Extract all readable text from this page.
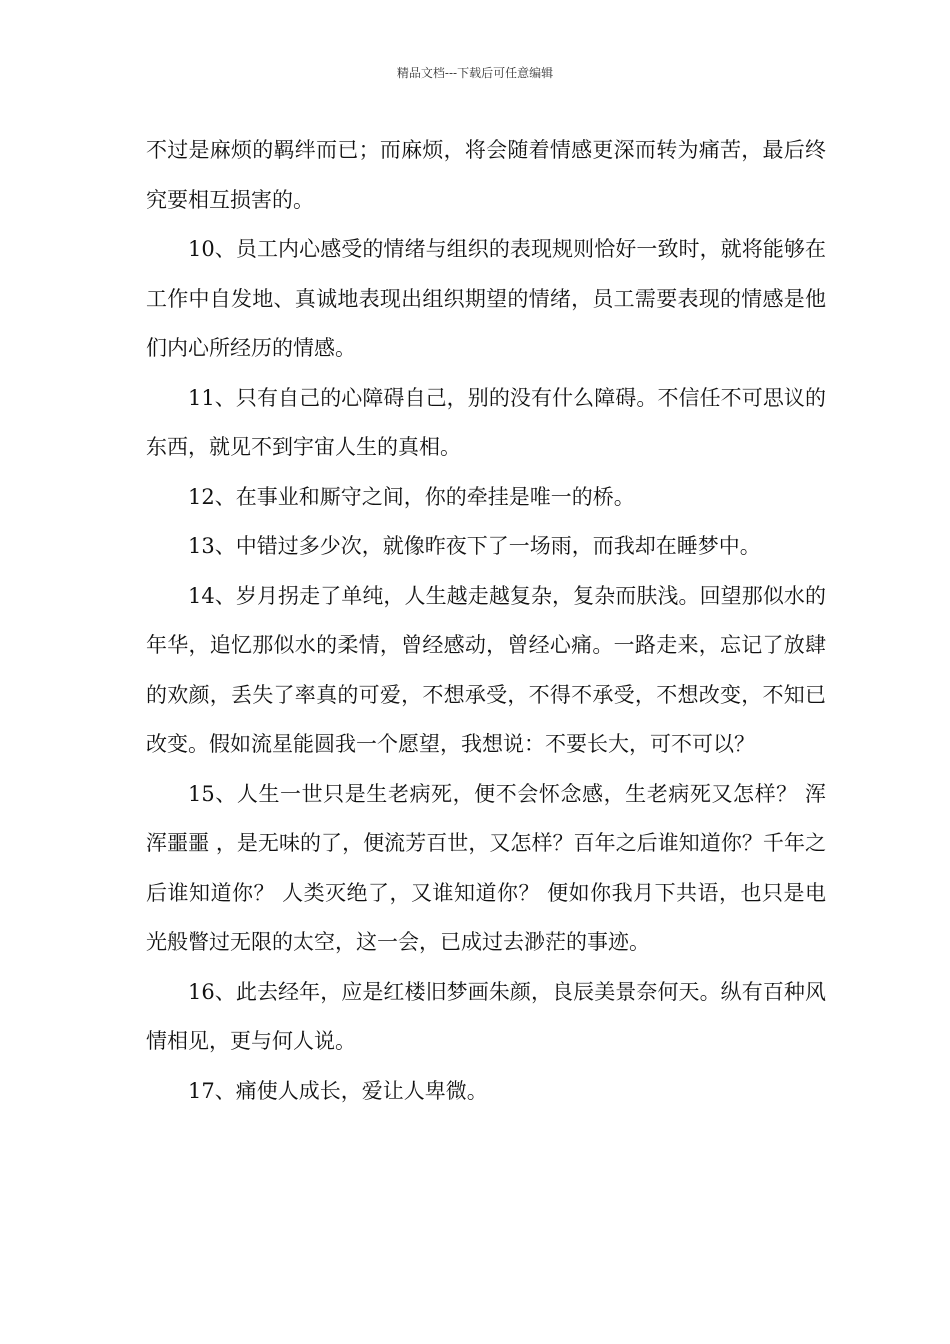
精品文档---下载后可任意编辑

不过是麻烦的羁绊而已；而麻烦，将会随着情感更深而转为痛苦，最后终究要相互损害的。

10、员工内心感受的情绪与组织的表现规则恰好一致时，就将能够在工作中自发地、真诚地表现出组织期望的情绪，员工需要表现的情感是他们内心所经历的情感。

11、只有自己的心障碍自己，别的没有什么障碍。不信任不可思议的东西，就见不到宇宙人生的真相。

12、在事业和厮守之间，你的牵挂是唯一的桥。

13、中错过多少次，就像昨夜下了一场雨，而我却在睡梦中。

14、岁月拐走了单纯，人生越走越复杂，复杂而肤浅。回望那似水的年华，追忆那似水的柔情，曾经感动，曾经心痛。一路走来，忘记了放肆的欢颜，丢失了率真的可爱，不想承受，不得不承受，不想改变，不知已改变。假如流星能圆我一个愿望，我想说：不要长大，可不可以？

15、人生一世只是生老病死，便不会怀念感，生老病死又怎样？ 浑浑噩噩 ，是无味的了，便流芳百世，又怎样？百年之后谁知道你？千年之后谁知道你？ 人类灭绝了，又谁知道你？ 便如你我月下共语，也只是电光般瞥过无限的太空，这一会，已成过去渺茫的事迹。

16、此去经年，应是红楼旧梦画朱颜，良辰美景奈何天。纵有百种风情相见，更与何人说。

17、痛使人成长，爱让人卑微。
